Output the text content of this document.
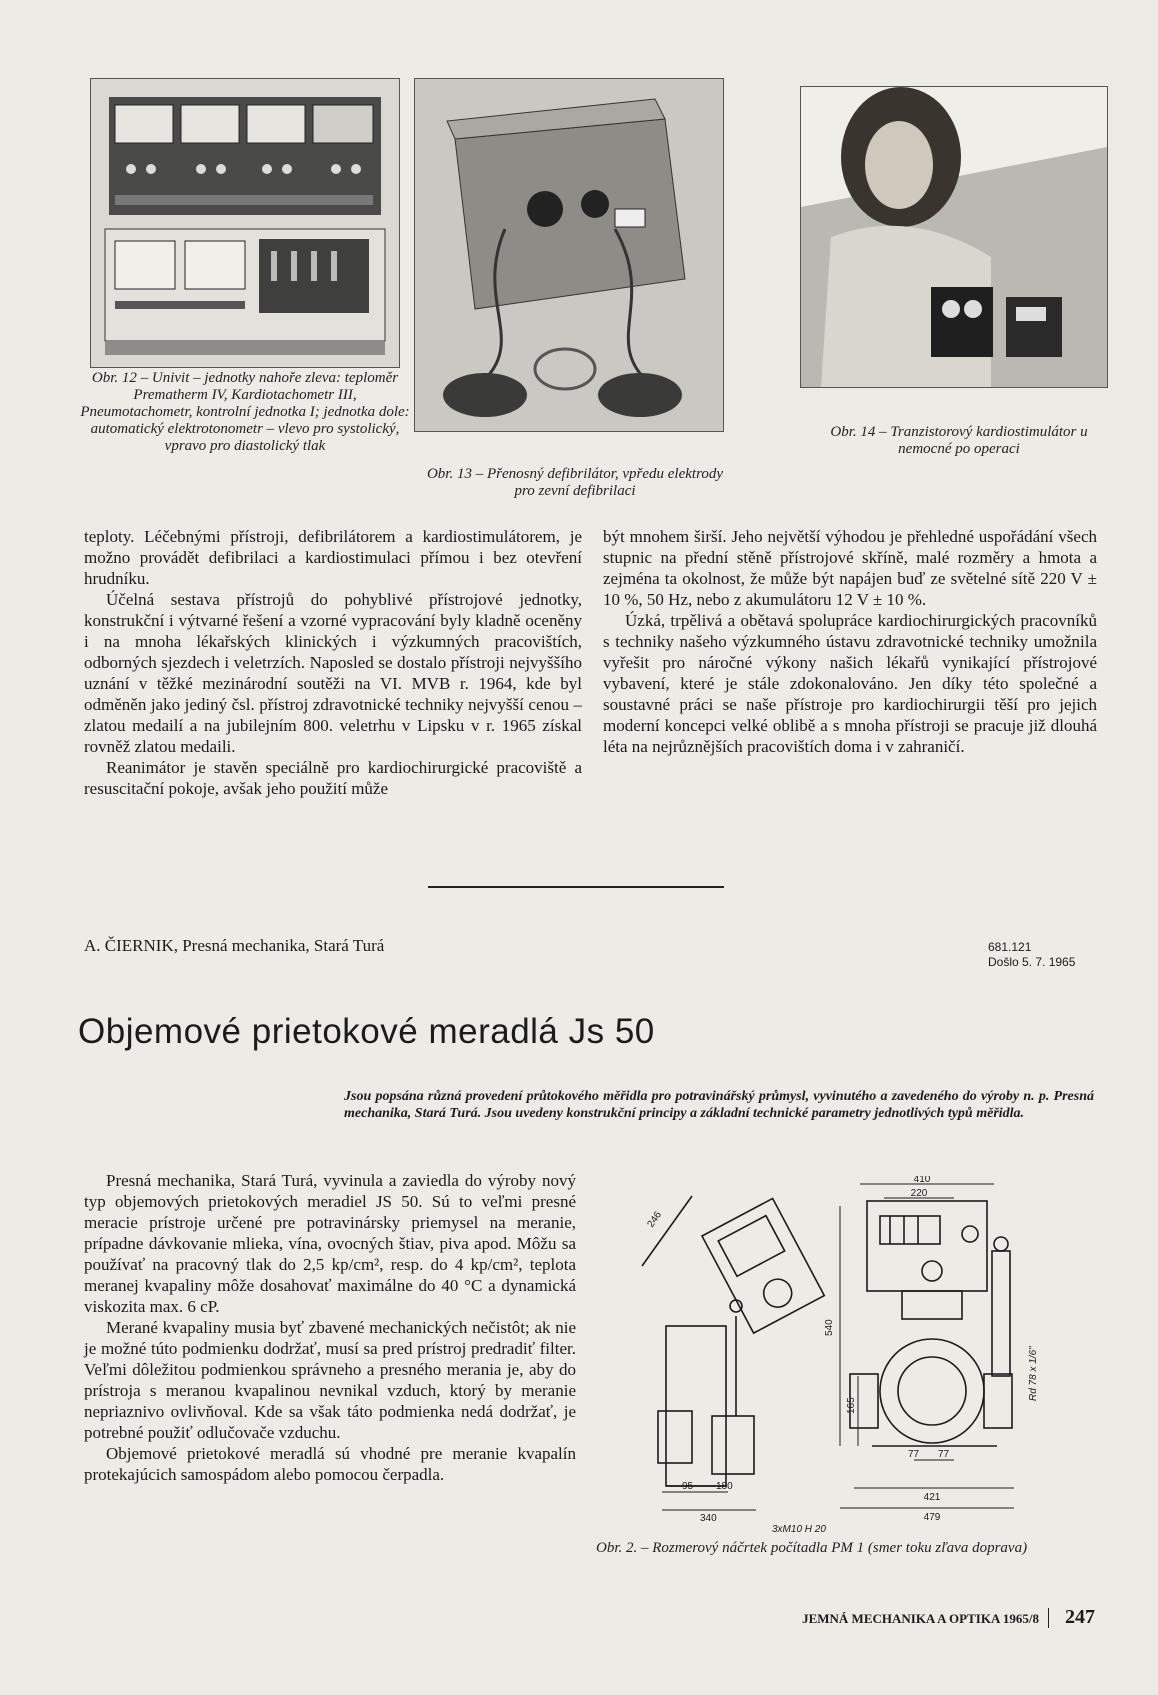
Obr. 12 – Univit – jednotky nahoře zleva: teploměr Prematherm IV, Kardiotachometr III, Pneumotachometr, kontrolní jednotka I; jednotka dole: automatický elektrotonometr – vlevo pro systolický, vpravo pro diastolický tlak
Obr. 13 – Přenosný defibrilátor, vpředu elektrody pro zevní defibrilaci
Obr. 14 – Tranzistorový kardiostimulátor u nemocné po operaci

teploty. Léčebnými přístroji, defibrilátorem a kardiostimulátorem, je možno provádět defibrilaci a kardiostimulaci přímou i bez otevření hrudníku.

Účelná sestava přístrojů do pohyblivé přístrojové jednotky, konstrukční i výtvarné řešení a vzorné vypracování byly kladně oceněny i na mnoha lékařských klinických i výzkumných pracovištích, odborných sjezdech i veletrzích. Naposled se dostalo přístroji nejvyššího uznání v těžké mezinárodní soutěži na VI. MVB r. 1964, kde byl odměněn jako jediný čsl. přístroj zdravotnické techniky nejvyšší cenou – zlatou medailí a na jubilejním 800. veletrhu v Lipsku v r. 1965 získal rovněž zlatou medaili.

Reanimátor je stavěn speciálně pro kardiochirurgické pracoviště a resuscitační pokoje, avšak jeho použití může

být mnohem širší. Jeho největší výhodou je přehledné uspořádání všech stupnic na přední stěně přístrojové skříně, malé rozměry a hmota a zejména ta okolnost, že může být napájen buď ze světelné sítě 220 V ± 10 %, 50 Hz, nebo z akumulátoru 12 V ± 10 %.

Úzká, trpělivá a obětavá spolupráce kardiochirurgických pracovníků s techniky našeho výzkumného ústavu zdravotnické techniky umožnila vyřešit pro náročné výkony našich lékařů vynikající přístrojové vybavení, které je stále zdokonalováno. Jen díky této společné a soustavné práci se naše přístroje pro kardiochirurgii těší pro jejich moderní koncepci velké oblibě a s mnoha přístroji se pracuje již dlouhá léta na nejrůznějších pracovištích doma i v zahraničí.

A. ČIERNIK, Presná mechanika, Stará Turá	681.121
Došlo 5. 7. 1965
Objemové prietokové meradlá Js 50
Jsou popsána různá provedení průtokového měřidla pro potravinářský průmysl, vyvinutého a zavedeného do výroby n. p. Presná mechanika, Stará Turá. Jsou uvedeny konstrukční principy a základní technické parametry jednotlivých typů měřidla.

Presná mechanika, Stará Turá, vyvinula a zaviedla do výroby nový typ objemových prietokových meradiel JS 50. Sú to veľmi presné meracie prístroje určené pre potravinársky priemysel na meranie, prípadne dávkovanie mlieka, vína, ovocných štiav, piva apod. Môžu sa používať na pracovný tlak do 2,5 kp/cm², resp. do 4 kp/cm², teplota meranej kvapaliny môže dosahovať maximálne do 40 °C a dynamická viskozita max. 6 cP.

Merané kvapaliny musia byť zbavené mechanických nečistôt; ak nie je možné túto podmienku dodržať, musí sa pred prístroj predradiť filter. Veľmi dôležitou podmienkou správneho a presného merania je, aby do prístroja s meranou kvapalinou nevnikal vzduch, ktorý by meranie nepriaznivo ovlivňoval. Kde sa však táto podmienka nedá dodržať, je potrebné použiť odlučovače vzduchu.

Objemové prietokové meradlá sú vhodné pre meranie kvapalín protekajúcich samospádom alebo pomocou čerpadla.

410
220
246
540
165
95 180
340
77 77
421
479
3xM10 H 20
Rd 78 x 1/6"
Obr. 2. – Rozmerový náčrtek počítadla PM 1 (smer toku zľava doprava)
JEMNÁ MECHANIKA A OPTIKA 1965/8 247
